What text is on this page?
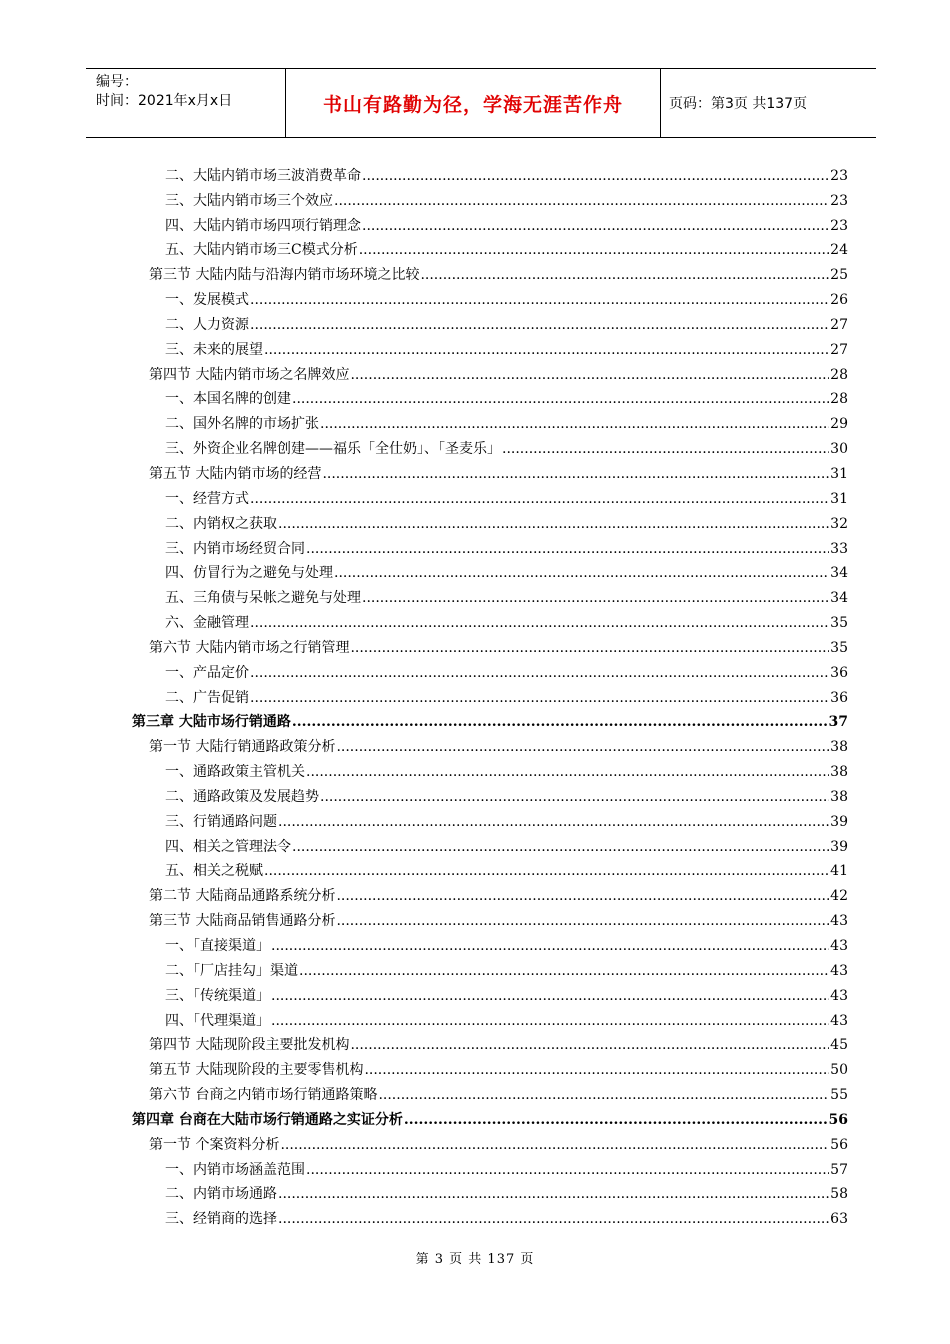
编号：
时间：2021年x月x日	书山有路勤为径，学海无涯苦作舟	页码：第3页 共137页
二、大陆内销市场三波消费革命 .....	23
三、大陆内销市场三个效应 .....	23
四、大陆内销市场四项行销理念 .....	23
五、大陆内销市场三C模式分析 .....	24
第三节 大陆内陆与沿海内销市场环境之比较 .....	25
一、发展模式 .....	26
二、人力资源 .....	27
三、未来的展望 .....	27
第四节 大陆内销市场之名牌效应 .....	28
一、本国名牌的创建 .....	28
二、国外名牌的市场扩张 .....	29
三、外资企业名牌创建——福乐「全仕奶」、「圣麦乐」 .....	30
第五节 大陆内销市场的经营 .....	31
一、经营方式 .....	31
二、内销权之获取 .....	32
三、内销市场经贸合同 .....	33
四、仿冒行为之避免与处理 .....	34
五、三角债与呆帐之避免与处理 .....	34
六、金融管理 .....	35
第六节 大陆内销市场之行销管理 .....	35
一、产品定价 .....	36
二、广告促销 .....	36
第三章 大陆市场行销通路 .....	37
第一节 大陆行销通路政策分析 .....	38
一、通路政策主管机关 .....	38
二、通路政策及发展趋势 .....	38
三、行销通路问题 .....	39
四、相关之管理法令 .....	39
五、相关之税赋 .....	41
第二节 大陆商品通路系统分析 .....	42
第三节 大陆商品销售通路分析 .....	43
一、「直接渠道」 .....	43
二、「厂店挂勾」渠道 .....	43
三、「传统渠道」 .....	43
四、「代理渠道」 .....	43
第四节 大陆现阶段主要批发机构 .....	45
第五节 大陆现阶段的主要零售机构 .....	50
第六节 台商之内销市场行销通路策略 .....	55
第四章 台商在大陆市场行销通路之实证分析 .....	56
第一节 个案资料分析 .....	56
一、内销市场涵盖范围 .....	57
二、内销市场通路 .....	58
三、经销商的选择 .....	63
第 3 页 共 137 页
